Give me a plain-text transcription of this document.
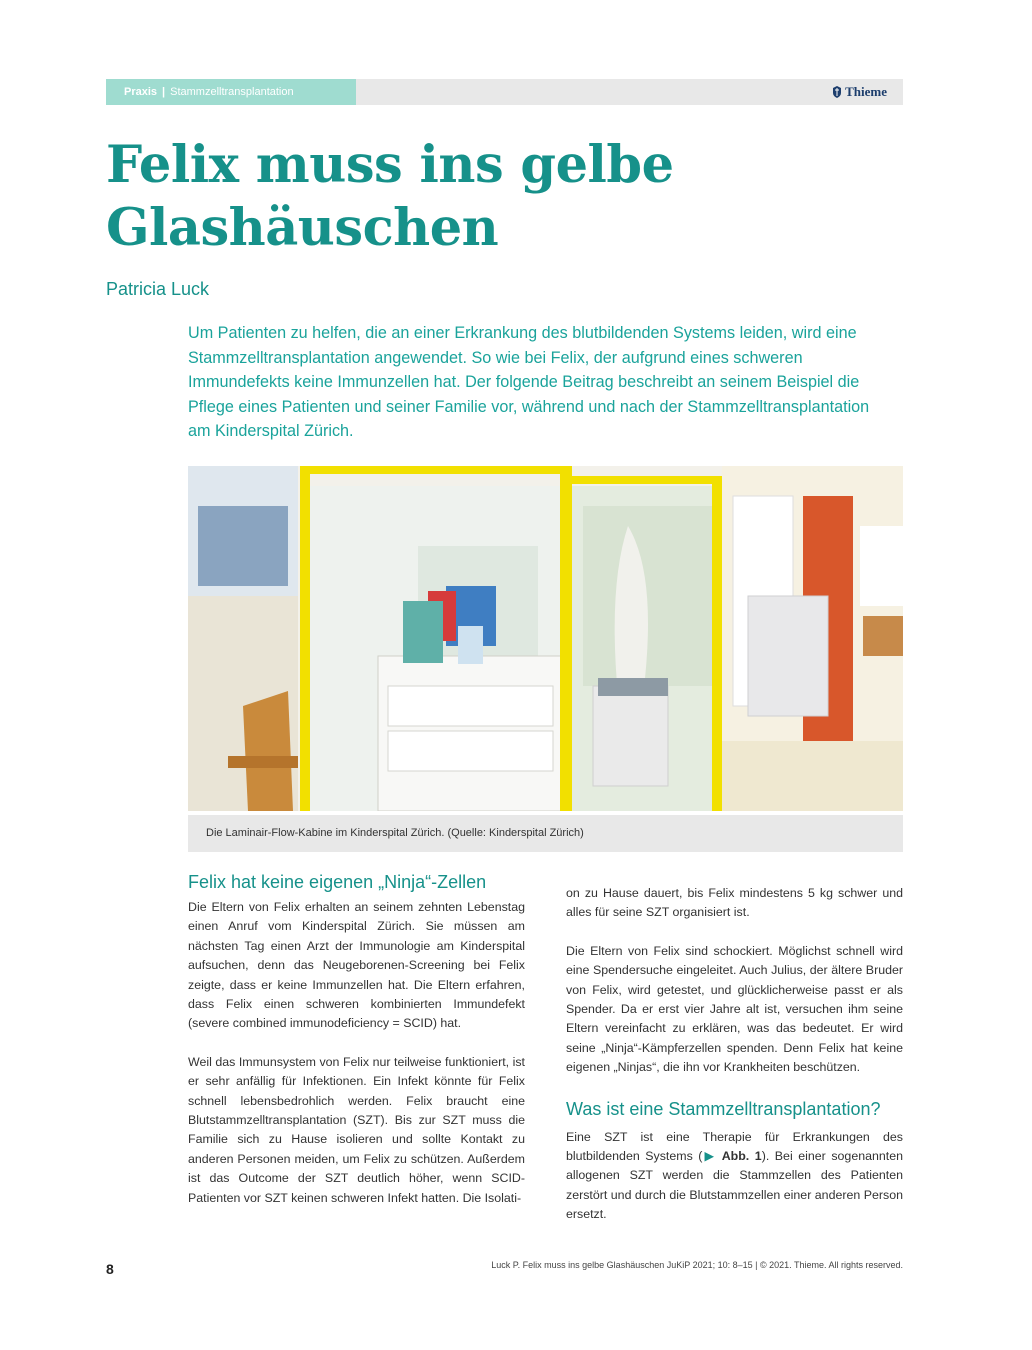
Praxis | Stammzelltransplantation	Thieme
Felix muss ins gelbe
Glashäuschen
Patricia Luck

Um Patienten zu helfen, die an einer Erkrankung des blutbildenden Systems leiden, wird eine Stammzelltransplantation angewendet. So wie bei Felix, der aufgrund eines schweren Immundefekts keine Immunzellen hat. Der folgende Beitrag beschreibt an seinem Beispiel die Pflege eines Patienten und seiner Familie vor, während und nach der Stammzelltransplantation am Kinderspital Zürich.

Die Laminair-Flow-Kabine im Kinderspital Zürich. (Quelle: Kinderspital Zürich)
Felix hat keine eigenen „Ninja“-Zellen

Die Eltern von Felix erhalten an seinem zehnten Lebenstag einen Anruf vom Kinderspital Zürich. Sie müssen am nächsten Tag einen Arzt der Immunologie am Kinderspital aufsuchen, denn das Neugeborenen-Screening bei Felix zeigte, dass er keine Immunzellen hat. Die Eltern erfahren, dass Felix einen schweren kombinierten Immundefekt (severe combined immunodeficiency = SCID) hat.

Weil das Immunsystem von Felix nur teilweise funktioniert, ist er sehr anfällig für Infektionen. Ein Infekt könnte für Felix schnell lebensbedrohlich werden. Felix braucht eine Blutstammzelltransplantation (SZT). Bis zur SZT muss die Familie sich zu Hause isolieren und sollte Kontakt zu anderen Personen meiden, um Felix zu schützen. Außerdem ist das Outcome der SZT deutlich höher, wenn SCID-Patienten vor SZT keinen schweren Infekt hatten. Die Isolati-

on zu Hause dauert, bis Felix mindestens 5 kg schwer und alles für seine SZT organisiert ist.

Die Eltern von Felix sind schockiert. Möglichst schnell wird eine Spendersuche eingeleitet. Auch Julius, der ältere Bruder von Felix, wird getestet, und glücklicherweise passt er als Spender. Da er erst vier Jahre alt ist, versuchen ihm seine Eltern vereinfacht zu erklären, was das bedeutet. Er wird seine „Ninja“-Kämpferzellen spenden. Denn Felix hat keine eigenen „Ninjas“, die ihn vor Krankheiten beschützen.

Was ist eine Stammzelltransplantation?

Eine SZT ist eine Therapie für Erkrankungen des blutbildenden Systems (▶ Abb. 1). Bei einer sogenannten allogenen SZT werden die Stammzellen des Patienten zerstört und durch die Blutstammzellen einer anderen Person ersetzt.

8	Luck P. Felix muss ins gelbe Glashäuschen JuKiP 2021; 10: 8–15 | © 2021. Thieme. All rights reserved.
